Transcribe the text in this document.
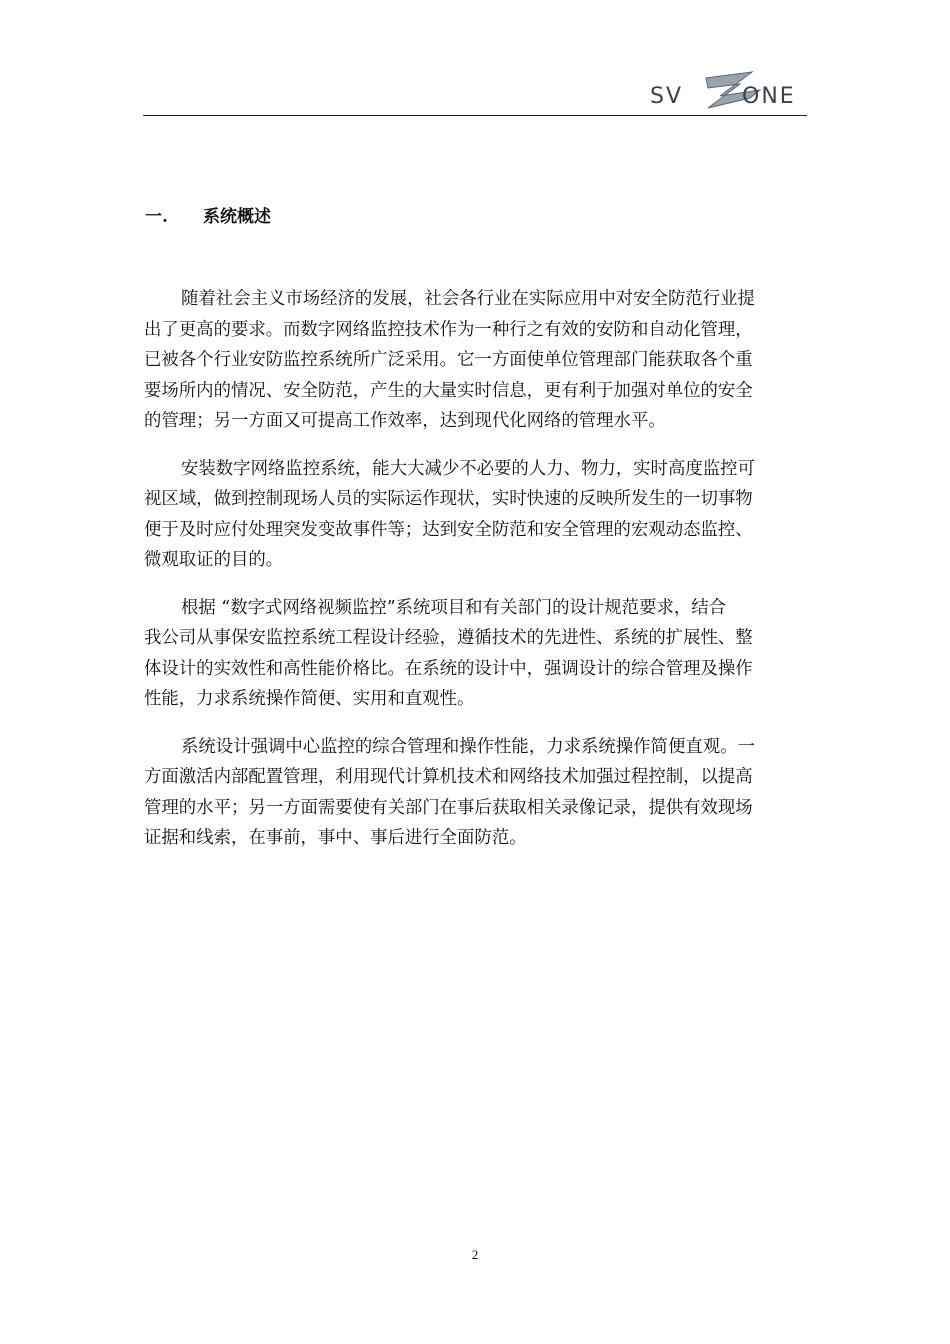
SV	ONE
一. 系统概述

随着社会主义市场经济的发展，社会各行业在实际应用中对安全防范行业提
出了更高的要求。而数字网络监控技术作为一种行之有效的安防和自动化管理，
已被各个行业安防监控系统所广泛采用。它一方面使单位管理部门能获取各个重
要场所内的情况、安全防范，产生的大量实时信息，更有利于加强对单位的安全
的管理；另一方面又可提高工作效率，达到现代化网络的管理水平。

安装数字网络监控系统，能大大减少不必要的人力、物力，实时高度监控可
视区域，做到控制现场人员的实际运作现状，实时快速的反映所发生的一切事物
便于及时应付处理突发变故事件等；达到安全防范和安全管理的宏观动态监控、
微观取证的目的。

根据 “数字式网络视频监控”系统项目和有关部门的设计规范要求，结合
我公司从事保安监控系统工程设计经验，遵循技术的先进性、系统的扩展性、整
体设计的实效性和高性能价格比。在系统的设计中，强调设计的综合管理及操作
性能，力求系统操作简便、实用和直观性。

系统设计强调中心监控的综合管理和操作性能，力求系统操作简便直观。一
方面激活内部配置管理，利用现代计算机技术和网络技术加强过程控制，以提高
管理的水平；另一方面需要使有关部门在事后获取相关录像记录，提供有效现场
证据和线索，在事前，事中、事后进行全面防范。

2
